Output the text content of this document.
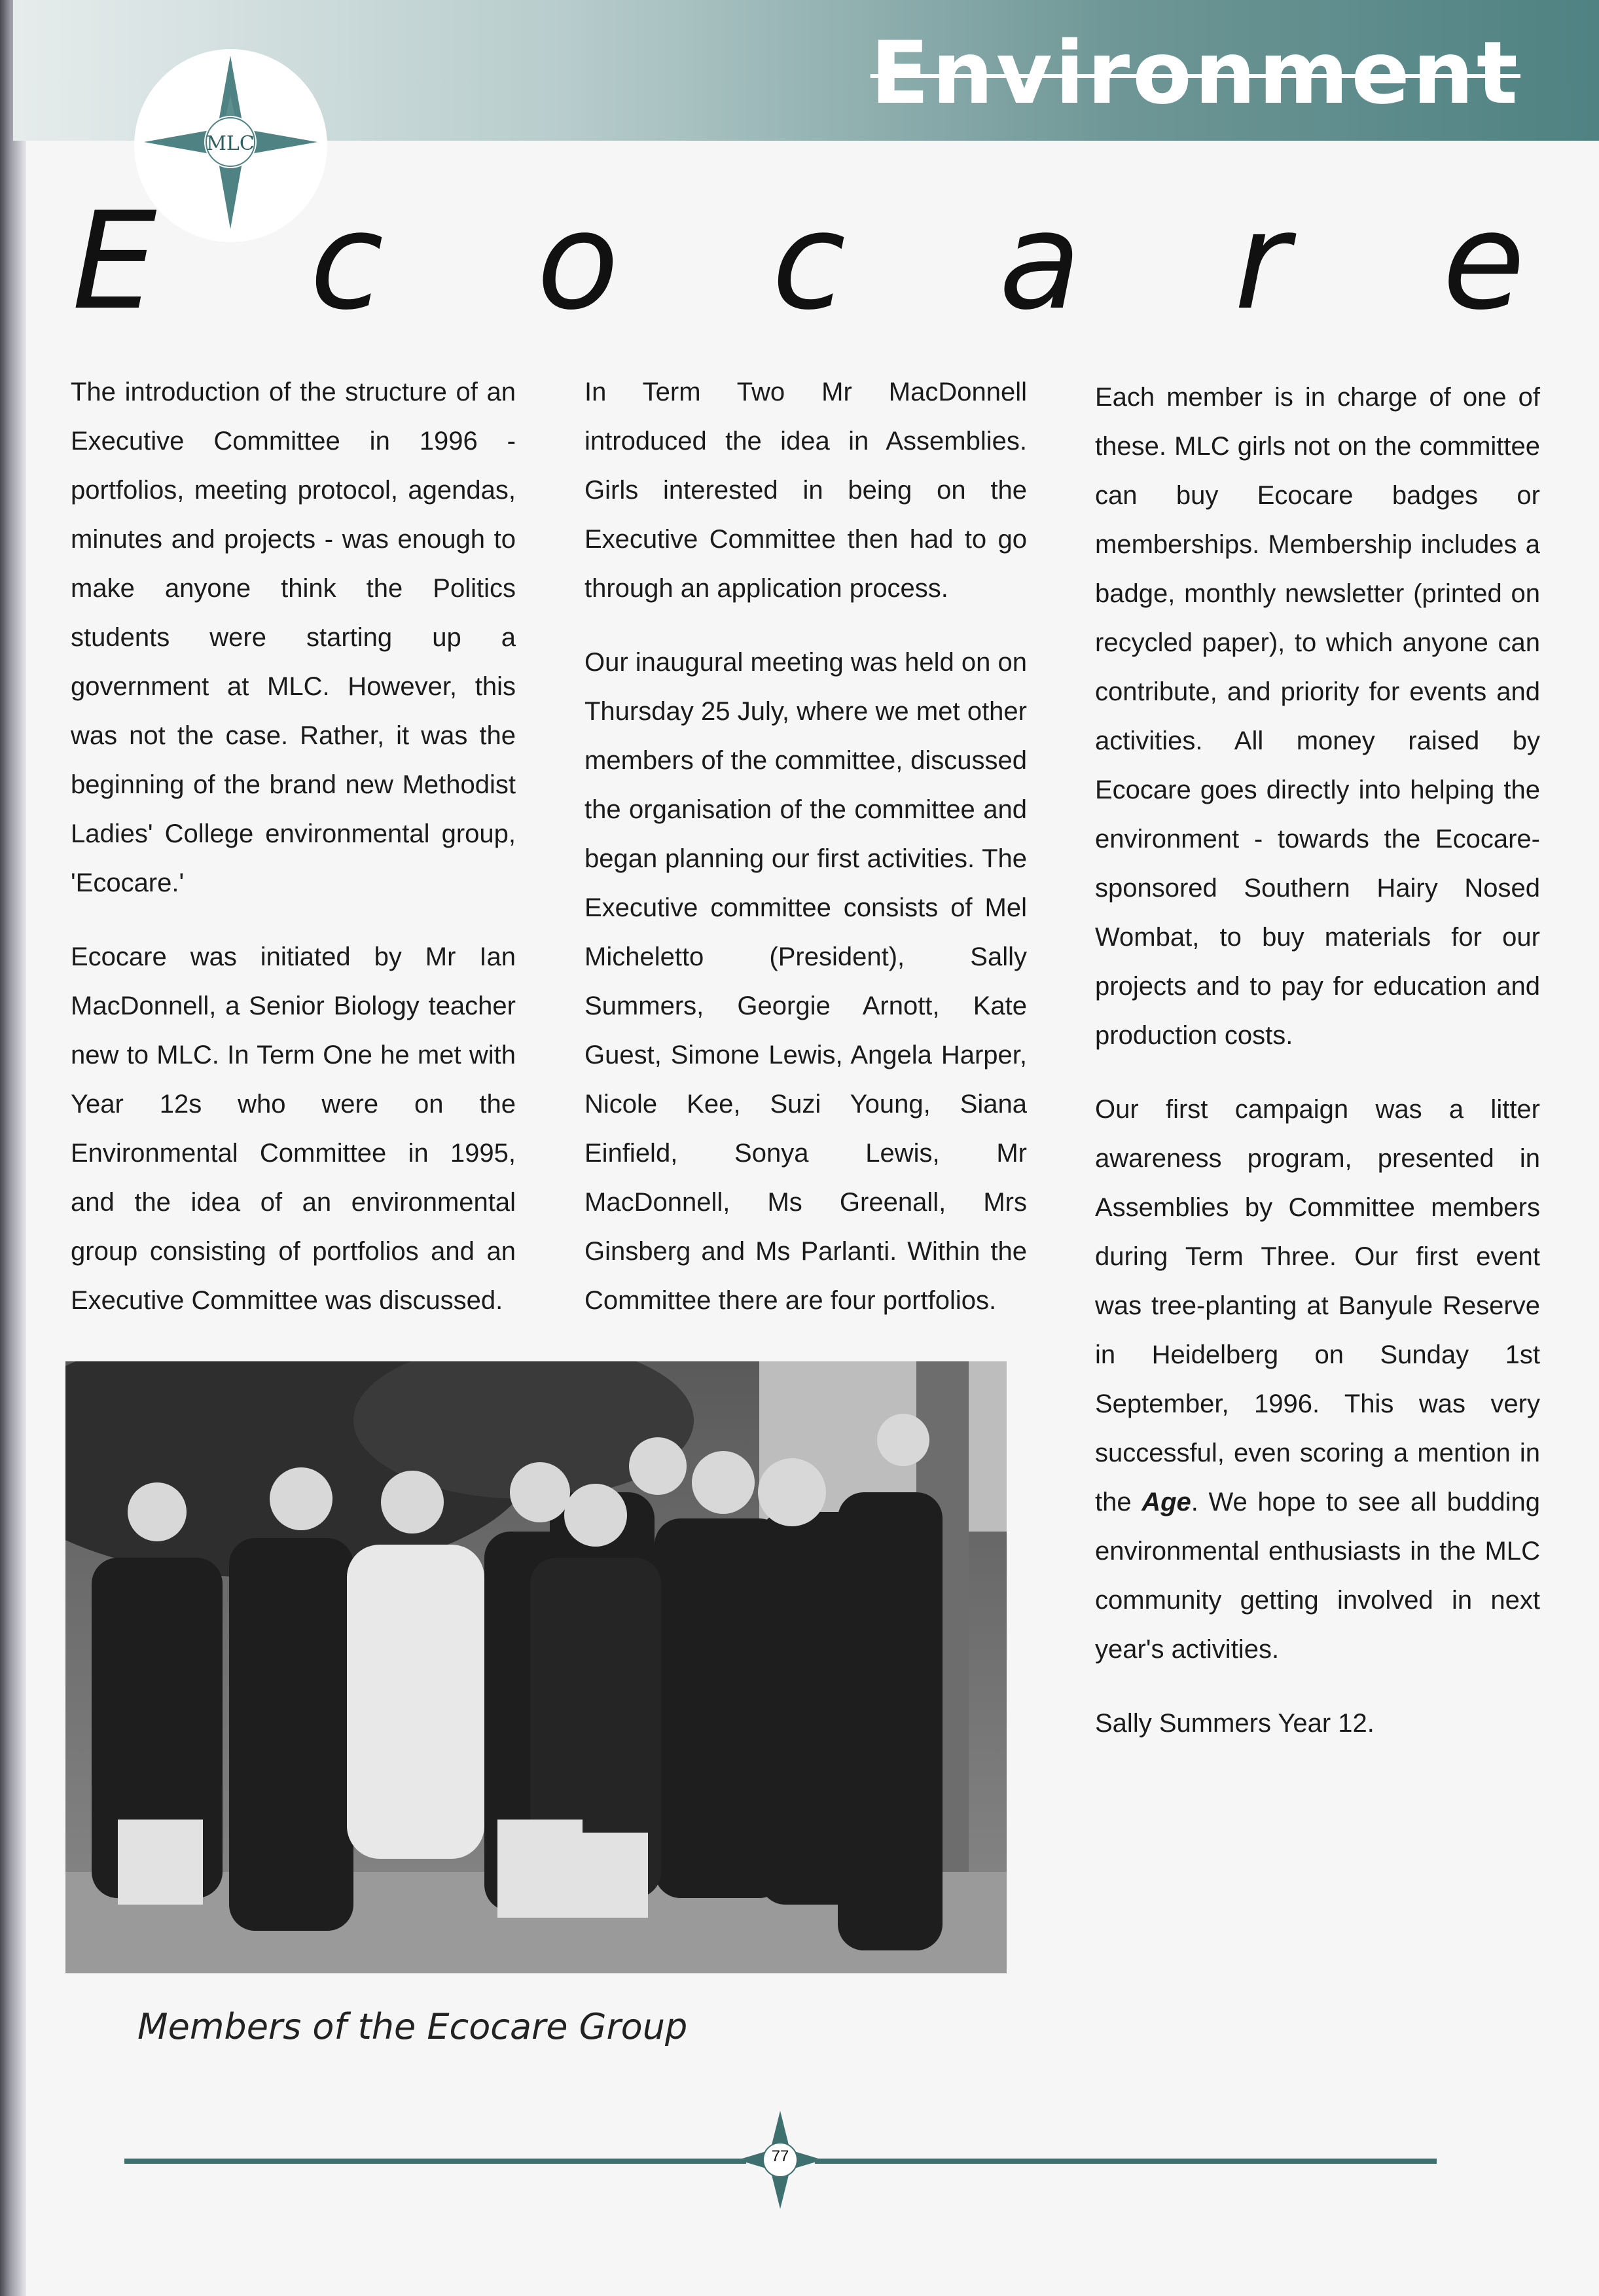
Environment
MLC
E c o c a r e

The introduction of the structure of an Executive Committee in 1996 - portfolios, meeting protocol, agendas, minutes and projects - was enough to make anyone think the Politics students were starting up a government at MLC. However, this was not the case. Rather, it was the beginning of the brand new Methodist Ladies' College environmental group, 'Ecocare.'

Ecocare was initiated by Mr Ian MacDonnell, a Senior Biology teacher new to MLC. In Term One he met with Year 12s who were on the Environmental Committee in 1995, and the idea of an environmental group consisting of portfolios and an Executive Committee was discussed.

In Term Two Mr MacDonnell introduced the idea in Assemblies. Girls interested in being on the Executive Committee then had to go through an application process.

Our inaugural meeting was held on on Thursday 25 July, where we met other members of the committee, discussed the organisation of the committee and began planning our first activities. The Executive committee consists of Mel Micheletto (President), Sally Summers, Georgie Arnott, Kate Guest, Simone Lewis, Angela Harper, Nicole Kee, Suzi Young, Siana Einfield, Sonya Lewis, Mr MacDonnell, Ms Greenall, Mrs Ginsberg and Ms Parlanti. Within the Committee there are four portfolios.

Each member is in charge of one of these. MLC girls not on the committee can buy Ecocare badges or memberships. Membership includes a badge, monthly newsletter (printed on recycled paper), to which anyone can contribute, and priority for events and activities. All money raised by Ecocare goes directly into helping the environment - towards the Ecocare-sponsored Southern Hairy Nosed Wombat, to buy materials for our projects and to pay for education and production costs.

Our first campaign was a litter awareness program, presented in Assemblies by Committee members during Term Three. Our first event was tree-planting at Banyule Reserve in Heidelberg on Sunday 1st September, 1996. This was very successful, even scoring a mention in the Age. We hope to see all budding environmental enthusiasts in the MLC community getting involved in next year's activities.

Sally Summers Year 12.

Members of the Ecocare Group
77
